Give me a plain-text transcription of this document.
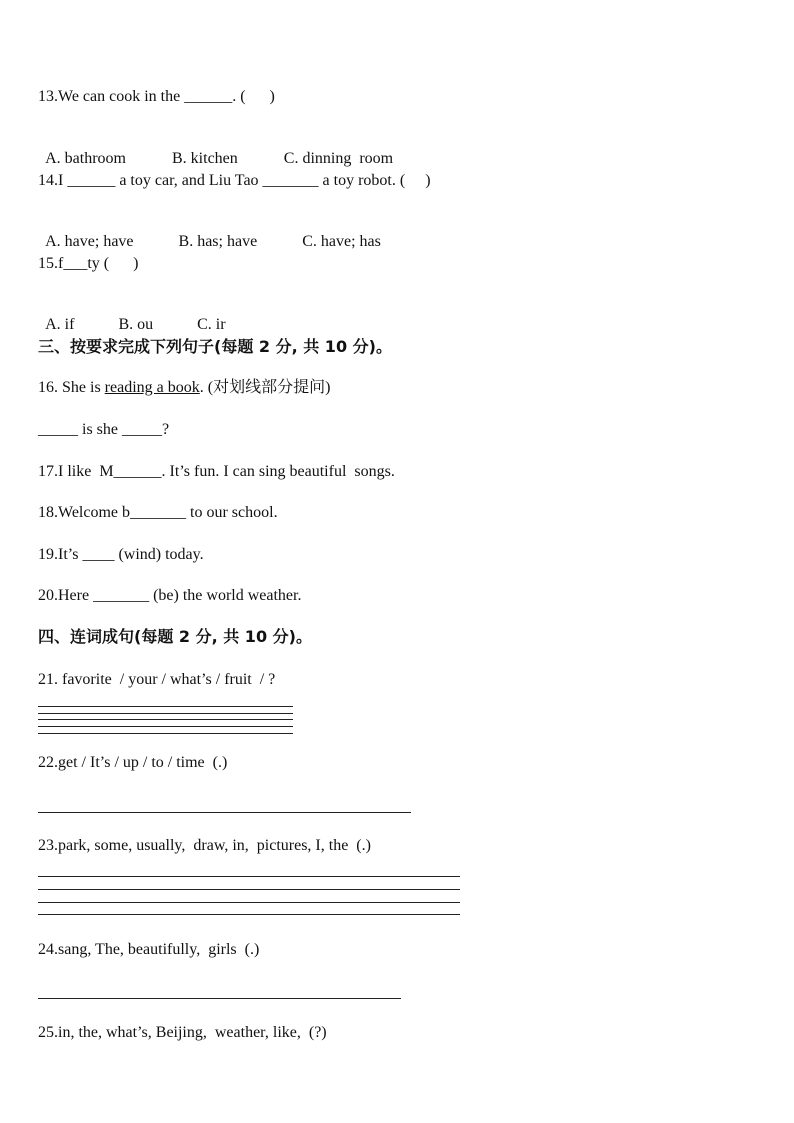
13.We can cook in the ______. (      )

A. bathroom	B. kitchen	C. dinning  room

14.I ______ a toy car, and Liu Tao _______ a toy robot. (     )

A. have; have	B. has; have	C. have; has

15.f___ty (      )

A. if	B. ou	C. ir

三、按要求完成下列句子(每题 2 分, 共 10 分)。
16. She is reading a book. (对划线部分提问)
_____ is she _____?
17.I like  M______. It’s fun. I can sing beautiful  songs.
18.Welcome b_______ to our school.
19.It’s ____ (wind) today.
20.Here _______ (be) the world weather.
四、连词成句(每题 2 分, 共 10 分)。
21. favorite  / your / what’s / fruit  / ?
22.get / It’s / up / to / time  (.)
23.park, some, usually,  draw, in,  pictures, I, the  (.)
24.sang, The, beautifully,  girls  (.)
25.in, the, what’s, Beijing,  weather, like,  (?)
